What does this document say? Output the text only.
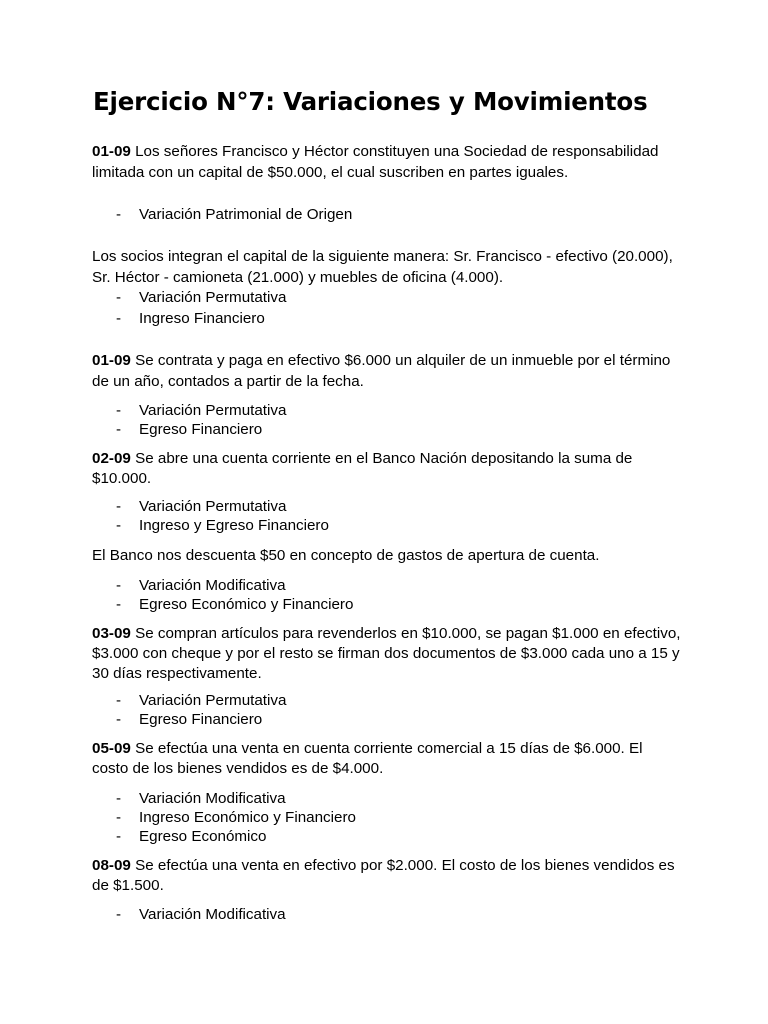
Ejercicio N°7: Variaciones y Movimientos

01-09 Los señores Francisco y Héctor constituyen una Sociedad de responsabilidad limitada con un capital de $50.000, el cual suscriben en partes iguales.

- Variación Patrimonial de Origen

Los socios integran el capital de la siguiente manera: Sr. Francisco - efectivo (20.000), Sr. Héctor - camioneta (21.000) y muebles de oficina (4.000).

- Variación Permutativa
- Ingreso Financiero

01-09 Se contrata y paga en efectivo $6.000 un alquiler de un inmueble por el término de un año, contados a partir de la fecha.

- Variación Permutativa
- Egreso Financiero

02-09 Se abre una cuenta corriente en el Banco Nación depositando la suma de $10.000.

- Variación Permutativa
- Ingreso y Egreso Financiero

El Banco nos descuenta $50 en concepto de gastos de apertura de cuenta.

- Variación Modificativa
- Egreso Económico y Financiero

03-09 Se compran artículos para revenderlos en $10.000, se pagan $1.000 en efectivo, $3.000 con cheque y por el resto se firman dos documentos de $3.000 cada uno a 15 y 30 días respectivamente.

- Variación Permutativa
- Egreso Financiero

05-09 Se efectúa una venta en cuenta corriente comercial a 15 días de $6.000. El costo de los bienes vendidos es de $4.000.

- Variación Modificativa
- Ingreso Económico y Financiero
- Egreso Económico

08-09 Se efectúa una venta en efectivo por $2.000. El costo de los bienes vendidos es de $1.500.

- Variación Modificativa
